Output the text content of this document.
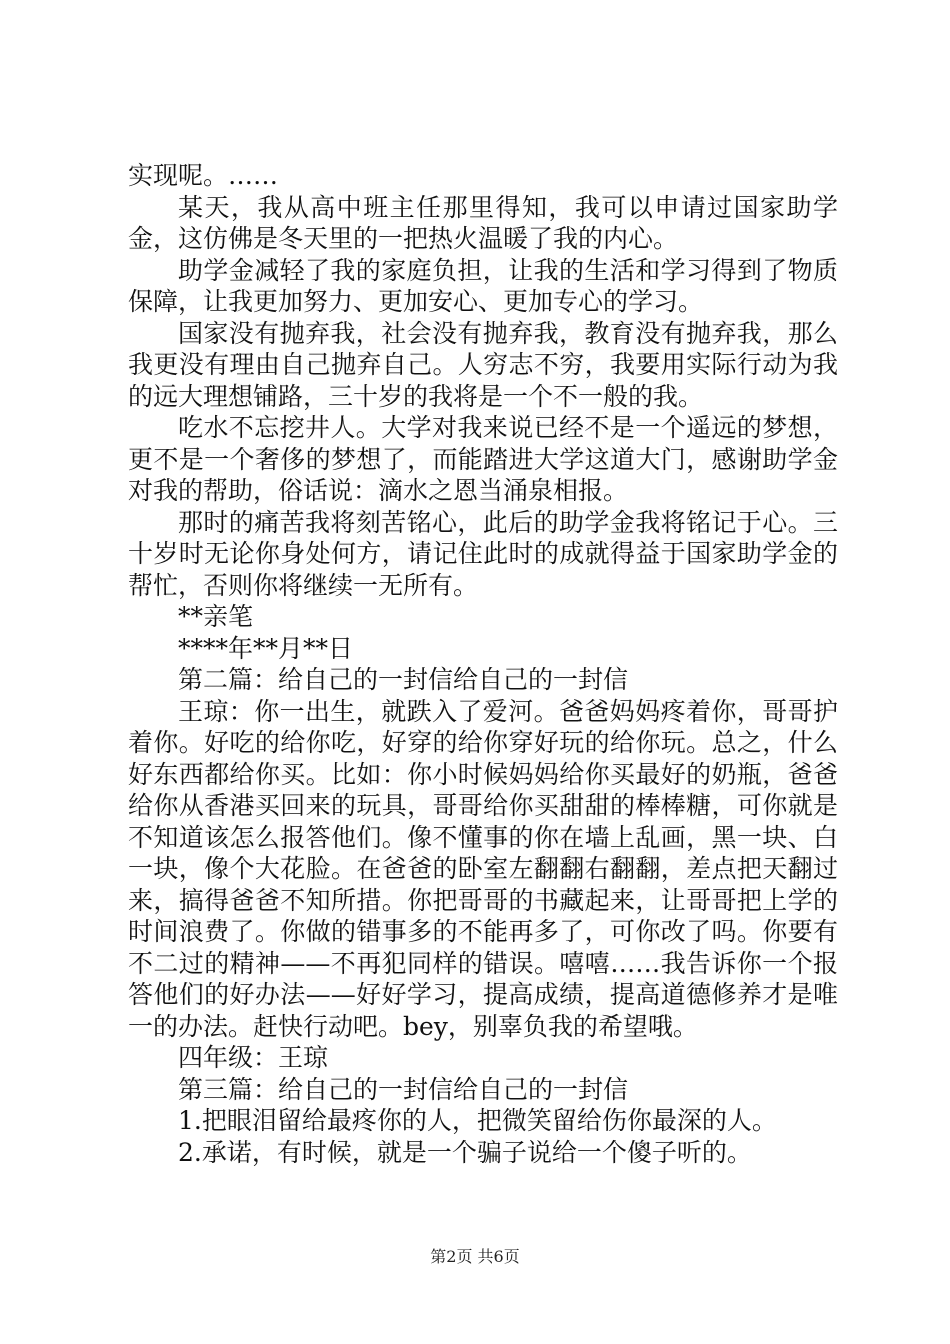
实现呢。……

某天，我从高中班主任那里得知，我可以申请过国家助学金，这仿佛是冬天里的一把热火温暖了我的内心。

助学金减轻了我的家庭负担，让我的生活和学习得到了物质保障，让我更加努力、更加安心、更加专心的学习。

国家没有抛弃我，社会没有抛弃我，教育没有抛弃我，那么我更没有理由自己抛弃自己。人穷志不穷，我要用实际行动为我的远大理想铺路，三十岁的我将是一个不一般的我。

吃水不忘挖井人。大学对我来说已经不是一个遥远的梦想，更不是一个奢侈的梦想了，而能踏进大学这道大门，感谢助学金对我的帮助，俗话说：滴水之恩当涌泉相报。

那时的痛苦我将刻苦铭心，此后的助学金我将铭记于心。三十岁时无论你身处何方，请记住此时的成就得益于国家助学金的帮忙，否则你将继续一无所有。

**亲笔

****年**月**日

第二篇：给自己的一封信给自己的一封信

王琼：你一出生，就跌入了爱河。爸爸妈妈疼着你，哥哥护着你。好吃的给你吃，好穿的给你穿好玩的给你玩。总之，什么好东西都给你买。比如：你小时候妈妈给你买最好的奶瓶，爸爸给你从香港买回来的玩具，哥哥给你买甜甜的棒棒糖，可你就是不知道该怎么报答他们。像不懂事的你在墙上乱画，黑一块、白一块，像个大花脸。在爸爸的卧室左翻翻右翻翻，差点把天翻过来，搞得爸爸不知所措。你把哥哥的书藏起来，让哥哥把上学的时间浪费了。你做的错事多的不能再多了，可你改了吗。你要有不二过的精神——不再犯同样的错误。嘻嘻……我告诉你一个报答他们的好办法——好好学习，提高成绩，提高道德修养才是唯一的办法。赶快行动吧。bey，别辜负我的希望哦。

四年级：王琼

第三篇：给自己的一封信给自己的一封信

1.把眼泪留给最疼你的人，把微笑留给伤你最深的人。

2.承诺，有时候，就是一个骗子说给一个傻子听的。

第2页 共6页
